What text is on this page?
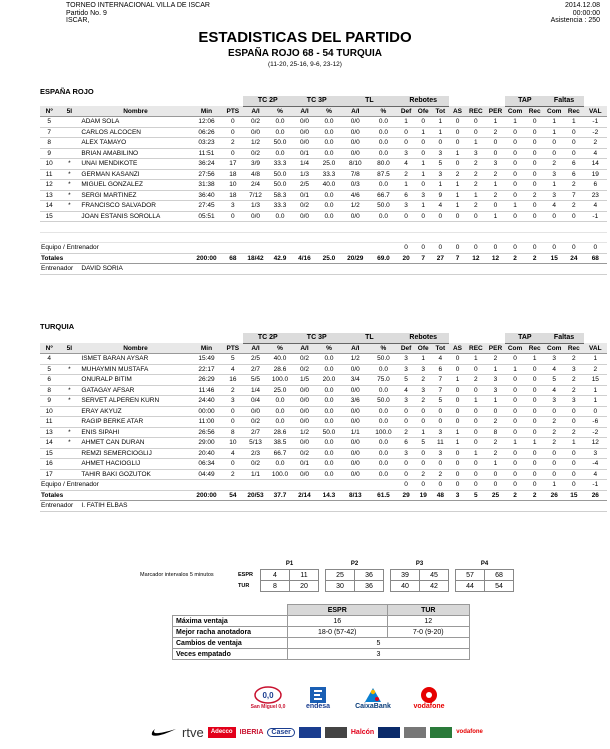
TORNEO INTERNACIONAL VILLA DE ISCAR
Partido No. 9
ISCAR,
2014.12.08
00:00:00
Asistencia : 250
ESTADISTICAS DEL PARTIDO
ESPAÑA ROJO 68 - 54 TURQUIA
(11-20, 25-16, 9-6, 23-12)
ESPAÑA ROJO
					TC 2P		TC 3P		TL		Rebotes						TAP		Faltas		
Nº	5I	Nombre	Min	PTS	A/I	%	A/I	%	A/I	%	Def	Ofe	Tot	AS	REC	PER	Com	Rec	Com	Rec	VAL
5		ADAM SOLA	12:06	0	0/2	0.0	0/0	0.0	0/0	0.0	1	0	1	0	0	1	1	0	1	1	-1
7		CARLOS ALCOCEN	06:26	0	0/0	0.0	0/0	0.0	0/0	0.0	0	1	1	0	0	2	0	0	1	0	-2
8		ALEX TAMAYO	03:23	2	1/2	50.0	0/0	0.0	0/0	0.0	0	0	0	0	1	0	0	0	0	0	2
9		BRIAN AMABILINO	11:51	0	0/2	0.0	0/1	0.0	0/0	0.0	3	0	3	1	3	0	0	0	0	0	4
10	*	UNAI MENDIKOTE	36:24	17	3/9	33.3	1/4	25.0	8/10	80.0	4	1	5	0	2	3	0	0	2	6	14
11	*	GERMAN KASANZI	27:56	18	4/8	50.0	1/3	33.3	7/8	87.5	2	1	3	2	2	2	0	0	3	6	19
12	*	MIGUEL GONZALEZ	31:38	10	2/4	50.0	2/5	40.0	0/3	0.0	1	0	1	1	2	1	0	0	1	2	6
13	*	SERGI MARTINEZ	36:40	18	7/12	58.3	0/1	0.0	4/6	66.7	6	3	9	1	1	2	0	2	3	7	23
14	*	FRANCISCO SALVADOR	27:45	3	1/3	33.3	0/2	0.0	1/2	50.0	3	1	4	1	2	0	1	0	4	2	4
15		JOAN ESTANIS SOROLLA	05:51	0	0/0	0.0	0/0	0.0	0/0	0.0	0	0	0	0	0	1	0	0	0	0	-1

Equipo / Entrenador											0	0	0	0	0	0	0	0	0	0	0
Totales			200:00	68	18/42	42.9	4/16	25.0	20/29	69.0	20	7	27	7	12	12	2	2	15	24	68
Entrenador		DAVID SORIA																			
TURQUIA
					TC 2P		TC 3P		TL		Rebotes						TAP		Faltas		
Nº	5I	Nombre	Min	PTS	A/I	%	A/I	%	A/I	%	Def	Ofe	Tot	AS	REC	PER	Com	Rec	Com	Rec	VAL
4		ISMET BARAN AYSAR	15:49	5	2/5	40.0	0/2	0.0	1/2	50.0	3	1	4	0	1	2	0	1	3	2	1
5	*	MUHAYMIN MUSTAFA	22:17	4	2/7	28.6	0/2	0.0	0/0	0.0	3	3	6	0	0	1	1	0	4	3	2
6		ONURALP BITIM	26:29	16	5/5	100.0	1/5	20.0	3/4	75.0	5	2	7	1	2	3	0	0	5	2	15
8	*	GATAGAY AFSAR	11:46	2	1/4	25.0	0/0	0.0	0/0	0.0	4	3	7	0	0	3	0	0	4	2	1
9	*	SERVET ALPEREN KURN	24:40	3	0/4	0.0	0/0	0.0	3/6	50.0	3	2	5	0	1	1	0	0	3	3	1
10		ERAY AKYUZ	00:00	0	0/0	0.0	0/0	0.0	0/0	0.0	0	0	0	0	0	0	0	0	0	0	0
11		RAGIP BERKE ATAR	11:00	0	0/2	0.0	0/0	0.0	0/0	0.0	0	0	0	0	0	2	0	0	2	0	-6
13	*	ENIS SIPAHI	26:56	8	2/7	28.6	1/2	50.0	1/1	100.0	2	1	3	1	0	8	0	0	2	2	-2
14	*	AHMET CAN DURAN	29:00	10	5/13	38.5	0/0	0.0	0/0	0.0	6	5	11	1	0	2	1	1	2	1	12
15		REMZI SEMERCIOGLIJ	20:40	4	2/3	66.7	0/2	0.0	0/0	0.0	3	0	3	0	1	2	0	0	0	0	3
16		AHMET HACIOGLIJ	06:34	0	0/2	0.0	0/1	0.0	0/0	0.0	0	0	0	0	0	1	0	0	0	0	-4
17		TAHIR BAKI GOZUTOK	04:49	2	1/1	100.0	0/0	0.0	0/0	0.0	0	2	2	0	0	0	0	0	0	0	4
Equipo / Entrenador											0	0	0	0	0	0	0	0	1	0	-1
Totales			200:00	54	20/53	37.7	2/14	14.3	8/13	61.5	29	19	48	3	5	25	2	2	26	15	26
Entrenador		I. FATIH ELBAS																			
Marcador intervalos 5 minutos
	P1			P2			P3			P4	
ESPR	4	11		25	36		39	45		57	68
TUR	8	20		30	36		40	42		44	54
	ESPR	TUR
Máxima ventaja	16	12
Mejor racha anotadora	18-0 (57-42)	7-0 (9-20)
Cambios de ventaja	5	
Veces empatado	3	
0,0
San Miguel 0,0	endesa	CaixaBank	vodafone
rtve	Adecco	IBERIA	Caser	Halcón	vodafone
